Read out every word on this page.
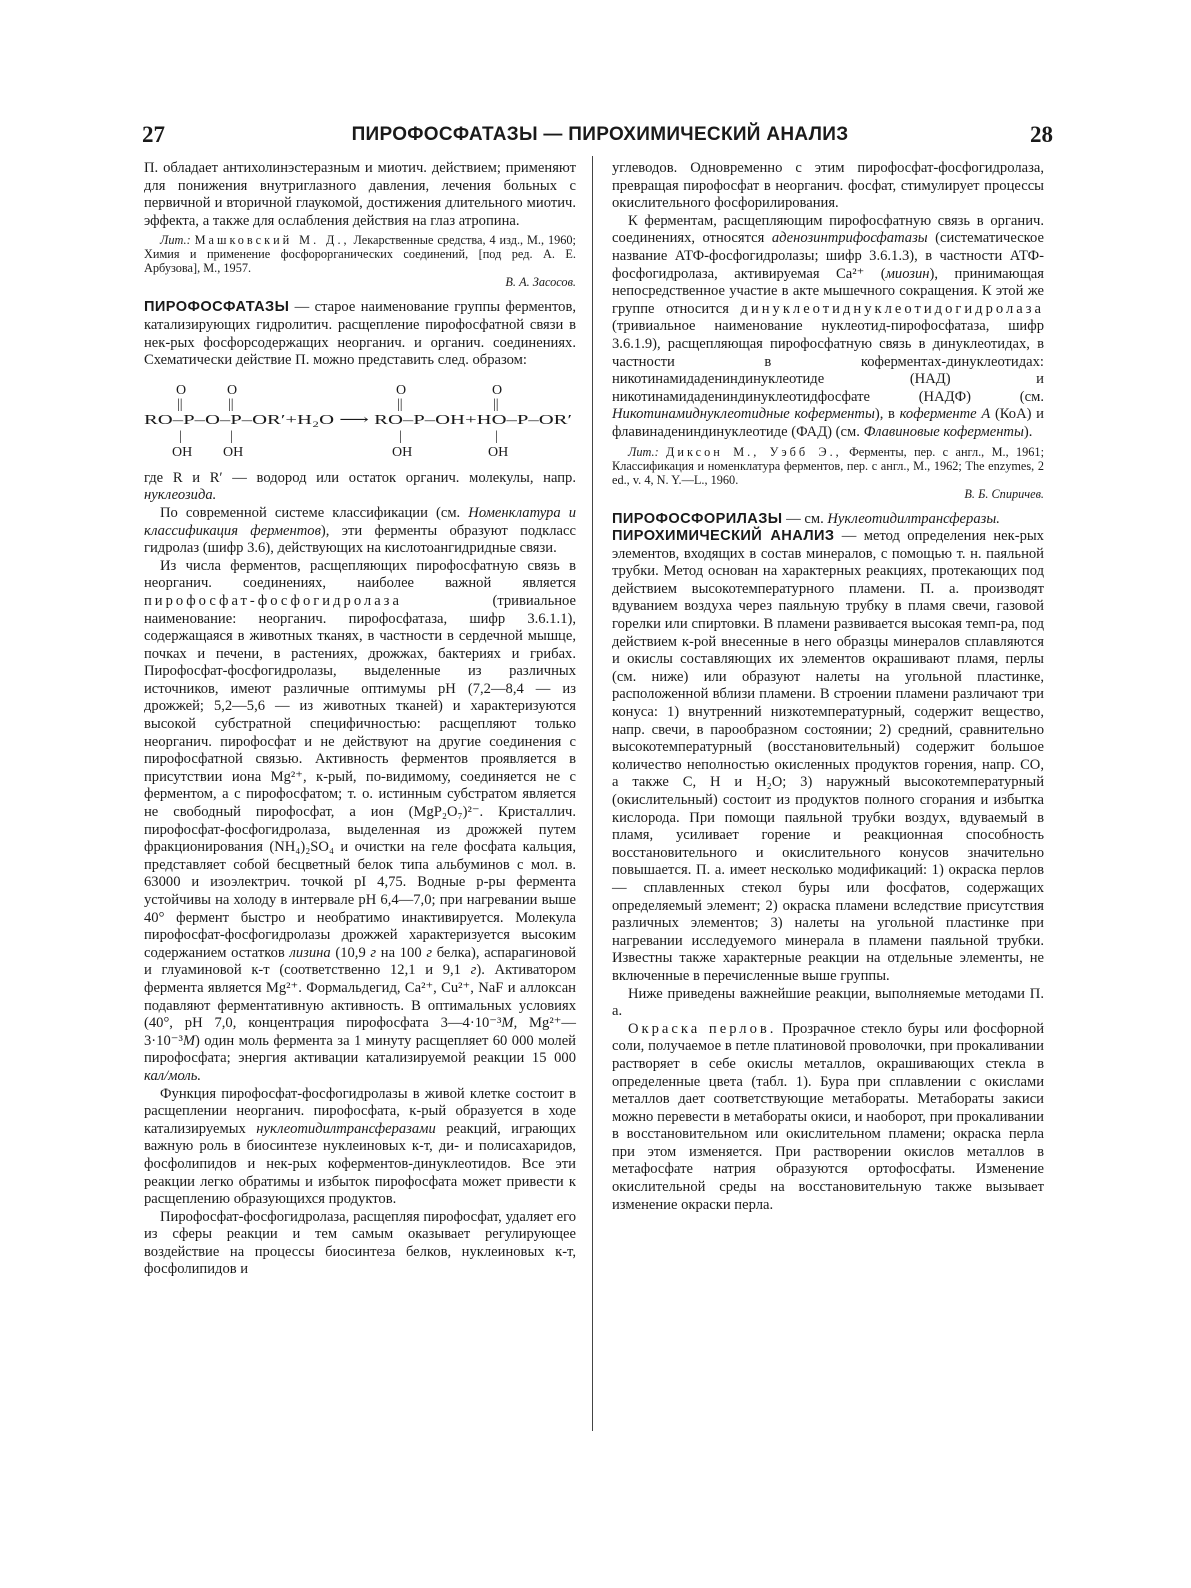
27	ПИРОФОСФАТАЗЫ — ПИРОХИМИЧЕСКИЙ АНАЛИЗ	28

П. обладает антихолинэстеразным и миотич. действием; применяют для понижения внутриглазного давления, лечения больных с первичной и вторичной глаукомой, достижения длительного миотич. эффекта, а также для ослабления действия на глаз атропина.

Лит.: Машковский М. Д., Лекарственные средства, 4 изд., М., 1960; Химия и применение фосфорорганических соединений, [под ред. А. Е. Арбузова], М., 1957.

В. А. Засосов.

ПИРОФОСФАТАЗЫ — старое наименование группы ферментов, катализирующих гидролитич. расщепление пирофосфатной связи в нек-рых фосфорсодержащих неорганич. и органич. соединениях. Схематически действие П. можно представить след. образом:

O	O	O	O
||	||	||	||
RO–P–O–P–OR′+H₂O ⟶ RO–P–OH+HO–P–OR′
|	|	|	|
OH OH	OH	OH

где R и R′ — водород или остаток органич. молекулы, напр. нуклеозида.

По современной системе классификации (см. Номенклатура и классификация ферментов), эти ферменты образуют подкласс гидролаз (шифр 3.6), действующих на кислотоангидридные связи.

Из числа ферментов, расщепляющих пирофосфатную связь в неорганич. соединениях, наиболее важной является пирофосфат-фосфогидролаза	(тривиальное наименование: неорганич. пирофосфатаза, шифр 3.6.1.1), содержащаяся в животных тканях, в частности в сердечной мышце, почках и печени, в растениях, дрожжах, бактериях и грибах. Пирофосфат-фосфогидролазы, выделенные из различных источников, имеют различные оптимумы pH (7,2—8,4 — из дрожжей; 5,2—5,6 — из животных тканей) и характеризуются высокой субстратной специфичностью: расщепляют только неорганич. пирофосфат и не действуют на другие соединения с пирофосфатной связью. Активность ферментов проявляется в присутствии иона Mg²⁺, к-рый, по-видимому, соединяется не с ферментом, а с пирофосфатом; т. о. истинным субстратом является не свободный пирофосфат, а ион (MgP₂O₇)²⁻. Кристаллич. пирофосфат-фосфогидролаза, выделенная из дрожжей путем фракционирования (NH₄)₂SO₄ и очистки на геле фосфата кальция, представляет собой бесцветный белок типа альбуминов с мол. в. 63000 и изоэлектрич. точкой pI 4,75. Водные р-ры фермента устойчивы на холоду в интервале pH 6,4—7,0; при нагревании выше 40° фермент быстро и необратимо инактивируется. Молекула пирофосфат-фосфогидролазы дрожжей характеризуется высоким содержанием остатков лизина (10,9 г на 100 г белка), аспарагиновой и глуаминовой к-т (соответственно 12,1 и 9,1 г). Активатором фермента является Mg²⁺. Формальдегид, Ca²⁺, Cu²⁺, NaF и аллоксан подавляют ферментативную активность. В оптимальных условиях (40°, pH 7,0, концентрация пирофосфата 3—4·10⁻³M, Mg²⁺—3·10⁻³M) один моль фермента за 1 минуту расщепляет 60 000 молей пирофосфата; энергия активации катализируемой реакции 15 000 кал/моль.

Функция пирофосфат-фосфогидролазы в живой клетке состоит в расщеплении неорганич. пирофосфата, к-рый образуется в ходе катализируемых нуклеотидилтрансферазами реакций, играющих важную роль в биосинтезе нуклеиновых к-т, ди- и полисахаридов, фосфолипидов и нек-рых коферментов-динуклеотидов. Все эти реакции легко обратимы и избыток пирофосфата может привести к расщеплению образующихся продуктов.

Пирофосфат-фосфогидролаза, расщепляя пирофосфат, удаляет его из сферы реакции и тем самым оказывает регулирующее воздействие на процессы биосинтеза белков, нуклеиновых к-т, фосфолипидов и

углеводов. Одновременно с этим пирофосфат-фосфогидролаза, превращая пирофосфат в неорганич. фосфат, стимулирует процессы окислительного фосфорилирования.

К ферментам, расщепляющим пирофосфатную связь в органич. соединениях, относятся аденозинтрифосфатазы (систематическое название АТФ-фосфогидролазы; шифр 3.6.1.3), в частности АТФ-фосфогидролаза, активируемая Ca²⁺ (миозин), принимающая непосредственное участие в акте мышечного сокращения. К этой же группе относится динуклеотиднуклеотидогидролаза (тривиальное наименование нуклеотид-пирофосфатаза, шифр 3.6.1.9), расщепляющая пирофосфатную связь в динуклеотидах, в частности в коферментах-динуклеотидах: никотинамидадениндинуклеотиде (НАД) и никотинамидадениндинуклеотидфосфате (НАДФ) (см. Никотинамиднуклеотидные коферменты), в коферменте А (КоА) и флавинадениндинуклеотиде (ФАД) (см. Флавиновые коферменты).

Лит.: Диксон М., Уэбб Э., Ферменты, пер. с англ., М., 1961; Классификация и номенклатура ферментов, пер. с англ., М., 1962; The enzymes, 2 ed., v. 4, N. Y.—L., 1960.

В. Б. Спиричев.

ПИРОФОСФОРИЛАЗЫ — см. Нуклеотидилтрансферазы.

ПИРОХИМИЧЕСКИЙ АНАЛИЗ — метод определения нек-рых элементов, входящих в состав минералов, с помощью т. н. паяльной трубки. Метод основан на характерных реакциях, протекающих под действием высокотемпературного пламени. П. а. производят вдуванием воздуха через паяльную трубку в пламя свечи, газовой горелки или спиртовки. В пламени развивается высокая темп-ра, под действием к-рой внесенные в него образцы минералов сплавляются и окислы составляющих их элементов окрашивают пламя, перлы (см. ниже) или образуют налеты на угольной пластинке, расположенной вблизи пламени. В строении пламени различают три конуса: 1) внутренний низкотемпературный, содержит вещество, напр. свечи, в парообразном состоянии; 2) средний, сравнительно высокотемпературный (восстановительный) содержит большое количество неполностью окисленных продуктов горения, напр. CO, а также C, H и H₂O; 3) наружный высокотемпературный (окислительный) состоит из продуктов полного сгорания и избытка кислорода. При помощи паяльной трубки воздух, вдуваемый в пламя, усиливает горение и реакционная способность восстановительного и окислительного конусов значительно повышается. П. а. имеет несколько модификаций: 1) окраска перлов — сплавленных стекол буры или фосфатов, содержащих определяемый элемент; 2) окраска пламени вследствие присутствия различных элементов; 3) налеты на угольной пластинке при нагревании исследуемого минерала в пламени паяльной трубки. Известны также характерные реакции на отдельные элементы, не включенные в перечисленные выше группы.

Ниже приведены важнейшие реакции, выполняемые методами П. а.

Окраска перлов. Прозрачное стекло буры или фосфорной соли, получаемое в петле платиновой проволочки, при прокаливании растворяет в себе окислы металлов, окрашивающих стекла в определенные цвета (табл. 1). Бура при сплавлении с окислами металлов дает соответствующие метабораты. Метабораты закиси можно перевести в метабораты окиси, и наоборот, при прокаливании в восстановительном или окислительном пламени; окраска перла при этом изменяется. При растворении окислов металлов в метафосфате натрия образуются ортофосфаты. Изменение окислительной среды на восстановительную также вызывает изменение окраски перла.
